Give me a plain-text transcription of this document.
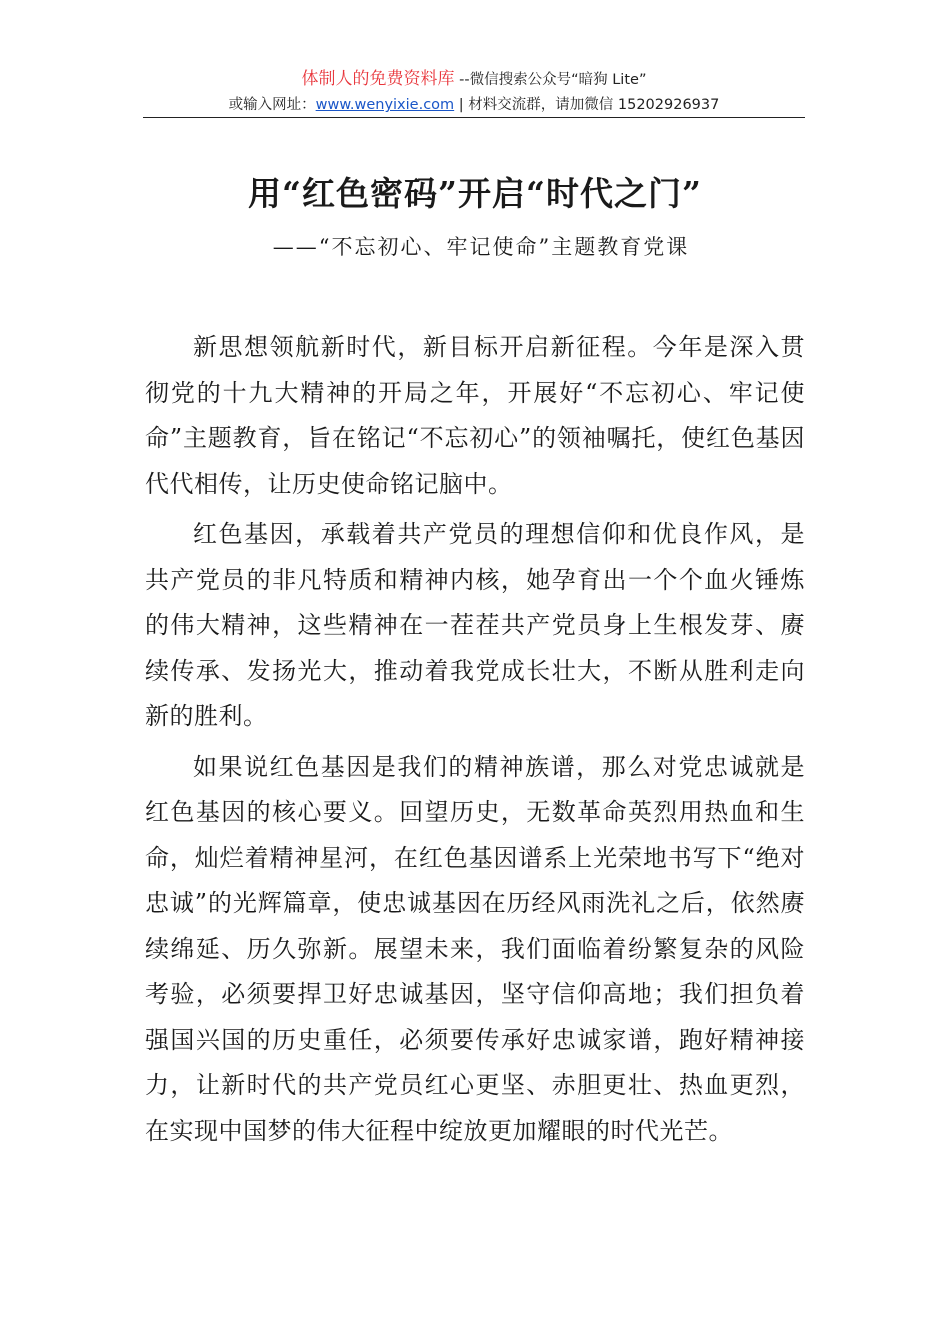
体制人的免费资料库 --微信搜索公众号“暗狗 Lite”
或输入网址：www.wenyixie.com | 材料交流群，请加微信 15202926937
用“红色密码”开启“时代之门”
——“不忘初心、牢记使命”主题教育党课

新思想领航新时代，新目标开启新征程。今年是深入贯彻党的十九大精神的开局之年，开展好“不忘初心、牢记使命”主题教育，旨在铭记“不忘初心”的领袖嘱托，使红色基因代代相传，让历史使命铭记脑中。

红色基因，承载着共产党员的理想信仰和优良作风，是共产党员的非凡特质和精神内核，她孕育出一个个血火锤炼的伟大精神，这些精神在一茬茬共产党员身上生根发芽、赓续传承、发扬光大，推动着我党成长壮大，不断从胜利走向新的胜利。

如果说红色基因是我们的精神族谱，那么对党忠诚就是红色基因的核心要义。回望历史，无数革命英烈用热血和生命，灿烂着精神星河，在红色基因谱系上光荣地书写下“绝对忠诚”的光辉篇章，使忠诚基因在历经风雨洗礼之后，依然赓续绵延、历久弥新。展望未来，我们面临着纷繁复杂的风险考验，必须要捍卫好忠诚基因，坚守信仰高地；我们担负着强国兴国的历史重任，必须要传承好忠诚家谱，跑好精神接力，让新时代的共产党员红心更坚、赤胆更壮、热血更烈，在实现中国梦的伟大征程中绽放更加耀眼的时代光芒。
